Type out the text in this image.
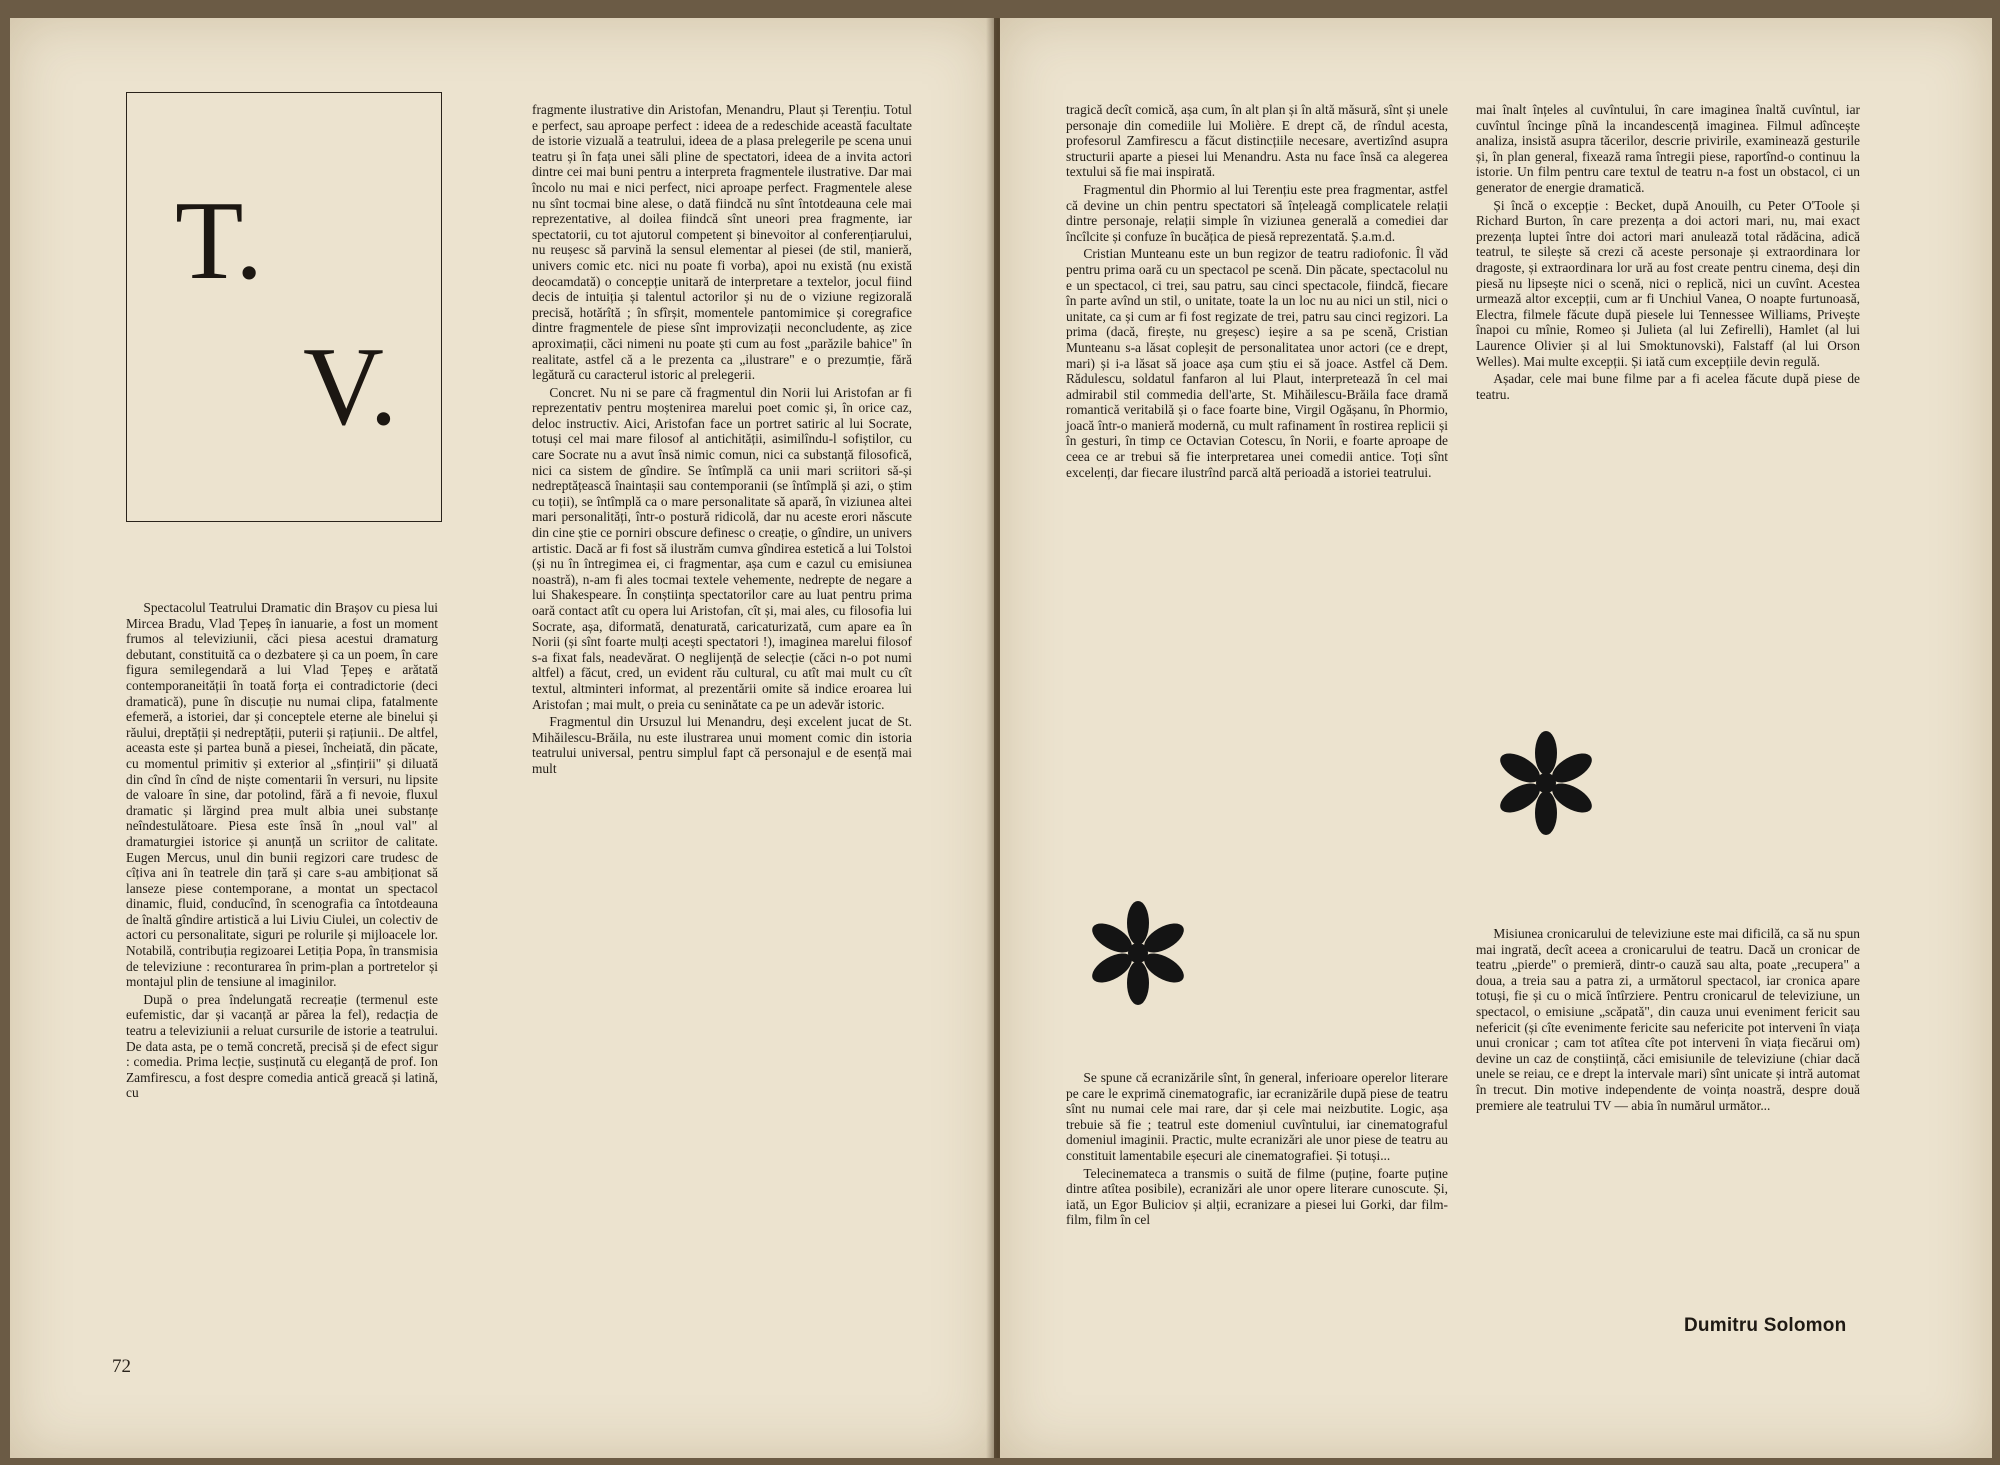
T.
V.

Spectacolul Teatrului Dramatic din Brașov cu piesa lui Mircea Bradu, Vlad Țepeș în ianuarie, a fost un moment frumos al televiziunii, căci piesa acestui dramaturg debutant, constituită ca o dezbatere și ca un poem, în care figura semilegendară a lui Vlad Țepeș e arătată contemporaneității în toată forța ei contradictorie (deci dramatică), pune în discuție nu numai clipa, fatalmente efemeră, a istoriei, dar și conceptele eterne ale binelui și răului, dreptății și nedreptății, puterii și rațiunii.. De altfel, aceasta este și partea bună a piesei, încheiată, din păcate, cu momentul primitiv și exterior al „sfințirii" și diluată din cînd în cînd de niște comentarii în versuri, nu lipsite de valoare în sine, dar potolind, fără a fi nevoie, fluxul dramatic și lărgind prea mult albia unei substanțe neîndestulătoare. Piesa este însă în „noul val" al dramaturgiei istorice și anunță un scriitor de calitate. Eugen Mercus, unul din bunii regizori care trudesc de cîțiva ani în teatrele din țară și care s-au ambiționat să lanseze piese contemporane, a montat un spectacol dinamic, fluid, conducînd, în scenografia ca întotdeauna de înaltă gîndire artistică a lui Liviu Ciulei, un colectiv de actori cu personalitate, siguri pe rolurile și mijloacele lor. Notabilă, contribuția regizoarei Letiția Popa, în transmisia de televiziune : reconturarea în prim-plan a portretelor și montajul plin de tensiune al imaginilor.

După o prea îndelungată recreație (termenul este eufemistic, dar și vacanță ar părea la fel), redacția de teatru a televiziunii a reluat cursurile de istorie a teatrului. De data asta, pe o temă concretă, precisă și de efect sigur : comedia. Prima lecție, susținută cu eleganță de prof. Ion Zamfirescu, a fost despre comedia antică greacă și latină, cu

fragmente ilustrative din Aristofan, Menandru, Plaut și Terențiu. Totul e perfect, sau aproape perfect : ideea de a redeschide această facultate de istorie vizuală a teatrului, ideea de a plasa prelegerile pe scena unui teatru și în fața unei săli pline de spectatori, ideea de a invita actori dintre cei mai buni pentru a interpreta fragmentele ilustrative. Dar mai încolo nu mai e nici perfect, nici aproape perfect. Fragmentele alese nu sînt tocmai bine alese, o dată fiindcă nu sînt întotdeauna cele mai reprezentative, al doilea fiindcă sînt uneori prea fragmente, iar spectatorii, cu tot ajutorul competent și binevoitor al conferențiarului, nu reușesc să parvină la sensul elementar al piesei (de stil, manieră, univers comic etc. nici nu poate fi vorba), apoi nu există (nu există deocamdată) o concepție unitară de interpretare a textelor, jocul fiind decis de intuiția și talentul actorilor și nu de o viziune regizorală precisă, hotărîtă ; în sfîrșit, momentele pantomimice și coregrafice dintre fragmentele de piese sînt improvizații neconcludente, aș zice aproximații, căci nimeni nu poate ști cum au fost „parăzile bahice" în realitate, astfel că a le prezenta ca „ilustrare" e o prezumție, fără legătură cu caracterul istoric al prelegerii.

Concret. Nu ni se pare că fragmentul din Norii lui Aristofan ar fi reprezentativ pentru moștenirea marelui poet comic și, în orice caz, deloc instructiv. Aici, Aristofan face un portret satiric al lui Socrate, totuși cel mai mare filosof al antichității, asimilîndu-l sofiștilor, cu care Socrate nu a avut însă nimic comun, nici ca substanță filosofică, nici ca sistem de gîndire. Se întîmplă ca unii mari scriitori să-și nedreptățească înaintașii sau contemporanii (se întîmplă și azi, o știm cu toții), se întîmplă ca o mare personalitate să apară, în viziunea altei mari personalități, într-o postură ridicolă, dar nu aceste erori născute din cine știe ce porniri obscure definesc o creație, o gîndire, un univers artistic. Dacă ar fi fost să ilustrăm cumva gîndirea estetică a lui Tolstoi (și nu în întregimea ei, ci fragmentar, așa cum e cazul cu emisiunea noastră), n-am fi ales tocmai textele vehemente, nedrepte de negare a lui Shakespeare. În conștiința spectatorilor care au luat pentru prima oară contact atît cu opera lui Aristofan, cît și, mai ales, cu filosofia lui Socrate, așa, diformată, denaturată, caricaturizată, cum apare ea în Norii (și sînt foarte mulți acești spectatori !), imaginea marelui filosof s-a fixat fals, neadevărat. O neglijență de selecție (căci n-o pot numi altfel) a făcut, cred, un evident rău cultural, cu atît mai mult cu cît textul, altminteri informat, al prezentării omite să indice eroarea lui Aristofan ; mai mult, o preia cu seninătate ca pe un adevăr istoric.

Fragmentul din Ursuzul lui Menandru, deși excelent jucat de St. Mihăilescu-Brăila, nu este ilustrarea unui moment comic din istoria teatrului universal, pentru simplul fapt că personajul e de esență mai mult

72

tragică decît comică, așa cum, în alt plan și în altă măsură, sînt și unele personaje din comediile lui Molière. E drept că, de rîndul acesta, profesorul Zamfirescu a făcut distincțiile necesare, avertizînd asupra structurii aparte a piesei lui Menandru. Asta nu face însă ca alegerea textului să fie mai inspirată.

Fragmentul din Phormio al lui Terențiu este prea fragmentar, astfel că devine un chin pentru spectatori să înțeleagă complicatele relații dintre personaje, relații simple în viziunea generală a comediei dar încîlcite și confuze în bucățica de piesă reprezentată. Ș.a.m.d.

Cristian Munteanu este un bun regizor de teatru radiofonic. Îl văd pentru prima oară cu un spectacol pe scenă. Din păcate, spectacolul nu e un spectacol, ci trei, sau patru, sau cinci spectacole, fiindcă, fiecare în parte avînd un stil, o unitate, toate la un loc nu au nici un stil, nici o unitate, ca și cum ar fi fost regizate de trei, patru sau cinci regizori. La prima (dacă, firește, nu greșesc) ieșire a sa pe scenă, Cristian Munteanu s-a lăsat copleșit de personalitatea unor actori (ce e drept, mari) și i-a lăsat să joace așa cum știu ei să joace. Astfel că Dem. Rădulescu, soldatul fanfaron al lui Plaut, interpretează în cel mai admirabil stil commedia dell'arte, St. Mihăilescu-Brăila face dramă romantică veritabilă și o face foarte bine, Virgil Ogășanu, în Phormio, joacă într-o manieră modernă, cu mult rafinament în rostirea replicii și în gesturi, în timp ce Octavian Cotescu, în Norii, e foarte aproape de ceea ce ar trebui să fie interpretarea unei comedii antice. Toți sînt excelenți, dar fiecare ilustrînd parcă altă perioadă a istoriei teatrului.

Se spune că ecranizările sînt, în general, inferioare operelor literare pe care le exprimă cinematografic, iar ecranizările după piese de teatru sînt nu numai cele mai rare, dar și cele mai neizbutite. Logic, așa trebuie să fie ; teatrul este domeniul cuvîntului, iar cinematograful domeniul imaginii. Practic, multe ecranizări ale unor piese de teatru au constituit lamentabile eșecuri ale cinematografiei. Și totuși...

Telecinemateca a transmis o suită de filme (puține, foarte puține dintre atîtea posibile), ecranizări ale unor opere literare cunoscute. Și, iată, un Egor Buliciov și alții, ecranizare a piesei lui Gorki, dar film-film, film în cel

mai înalt înțeles al cuvîntului, în care imaginea înaltă cuvîntul, iar cuvîntul încinge pînă la incandescență imaginea. Filmul adîncește analiza, insistă asupra tăcerilor, descrie privirile, examinează gesturile și, în plan general, fixează rama întregii piese, raportînd-o continuu la istorie. Un film pentru care textul de teatru n-a fost un obstacol, ci un generator de energie dramatică.

Și încă o excepție : Becket, după Anouilh, cu Peter O'Toole și Richard Burton, în care prezența a doi actori mari, nu, mai exact prezența luptei între doi actori mari anulează total rădăcina, adică teatrul, te silește să crezi că aceste personaje și extraordinara lor dragoste, și extraordinara lor ură au fost create pentru cinema, deși din piesă nu lipsește nici o scenă, nici o replică, nici un cuvînt. Acestea urmează altor excepții, cum ar fi Unchiul Vanea, O noapte furtunoasă, Electra, filmele făcute după piesele lui Tennessee Williams, Privește înapoi cu mînie, Romeo și Julieta (al lui Zefirelli), Hamlet (al lui Laurence Olivier și al lui Smoktunovski), Falstaff (al lui Orson Welles). Mai multe excepții. Și iată cum excepțiile devin regulă.

Așadar, cele mai bune filme par a fi acelea făcute după piese de teatru.

Misiunea cronicarului de televiziune este mai dificilă, ca să nu spun mai ingrată, decît aceea a cronicarului de teatru. Dacă un cronicar de teatru „pierde" o premieră, dintr-o cauză sau alta, poate „recupera" a doua, a treia sau a patra zi, a următorul spectacol, iar cronica apare totuși, fie și cu o mică întîrziere. Pentru cronicarul de televiziune, un spectacol, o emisiune „scăpată", din cauza unui eveniment fericit sau nefericit (și cîte evenimente fericite sau nefericite pot interveni în viața unui cronicar ; cam tot atîtea cîte pot interveni în viața fiecărui om) devine un caz de conștiință, căci emisiunile de televiziune (chiar dacă unele se reiau, ce e drept la intervale mari) sînt unicate și intră automat în trecut. Din motive independente de voința noastră, despre două premiere ale teatrului TV — abia în numărul următor...

Dumitru Solomon
